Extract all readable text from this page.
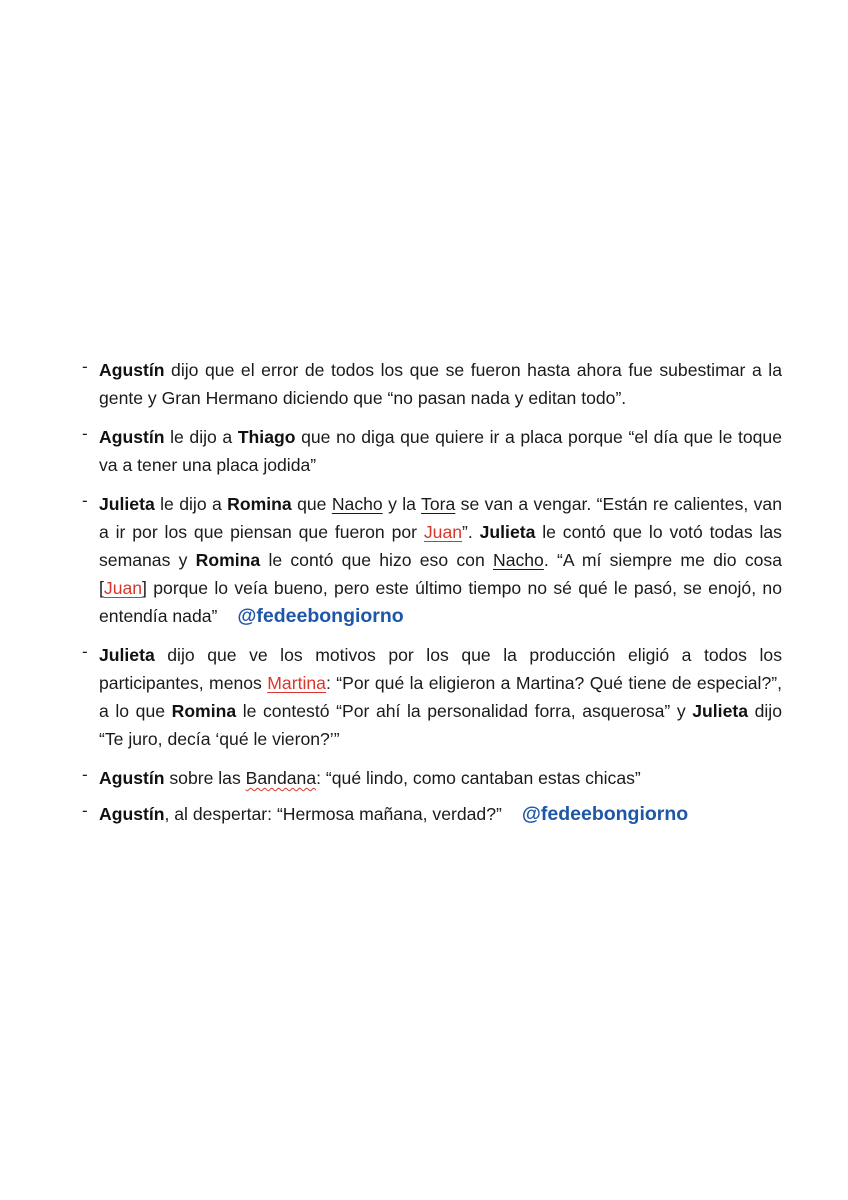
- Agustín dijo que el error de todos los que se fueron hasta ahora fue subestimar a la gente y Gran Hermano diciendo que “no pasan nada y editan todo”.
- Agustín le dijo a Thiago que no diga que quiere ir a placa porque “el día que le toque va a tener una placa jodida”
- Julieta le dijo a Romina que Nacho y la Tora se van a vengar. “Están re calientes, van a ir por los que piensan que fueron por Juan”. Julieta le contó que lo votó todas las semanas y Romina le contó que hizo eso con Nacho. “A mí siempre me dio cosa [Juan] porque lo veía bueno, pero este último tiempo no sé qué le pasó, se enojó, no entendía nada” @fedeebongiorno
- Julieta dijo que ve los motivos por los que la producción eligió a todos los participantes, menos Martina: “Por qué la eligieron a Martina? Qué tiene de especial?”, a lo que Romina le contestó “Por ahí la personalidad forra, asquerosa” y Julieta dijo “Te juro, decía ‘qué le vieron?’”
- Agustín sobre las Bandana: “qué lindo, como cantaban estas chicas”
- Agustín, al despertar: “Hermosa mañana, verdad?” @fedeebongiorno
